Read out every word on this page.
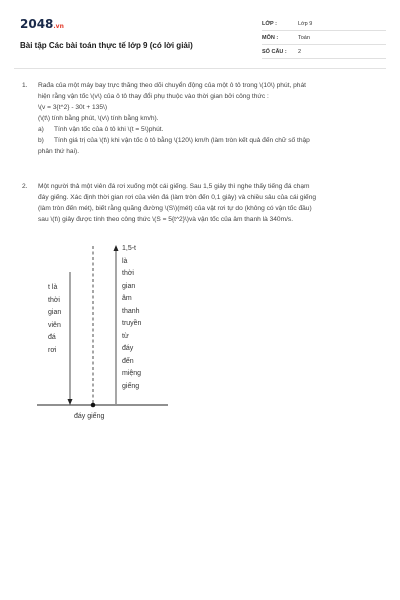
2048.vn
Bài tập Các bài toán thực tế lớp 9 (có lời giải)
LỚP :	Lớp 9
MÔN :	Toán
SỐ CÂU :	2
1. Rađa của một máy bay trực thăng theo dõi chuyển động của một ô tô trong \(10\) phút, phát

hiện rằng vận tốc \(v\) của ô tô thay đổi phụ thuộc vào thời gian bởi công thức :

\(v = 3{t^2} - 30t + 135\)

(\(t\) tính bằng phút, \(v\) tính bằng km/h).

a)	Tính vận tốc của ô tô khi \(t = 5\)phút.
b)	Tính giá trị của \(t\) khi vận tốc ô tô bằng \(120\) km/h (làm tròn kết quả đến chữ số thập
phân thứ hai).
2. Một người thả một viên đá rơi xuống một cái giếng. Sau 1,5 giây thì nghe thấy tiếng đá chạm

đáy giếng. Xác định thời gian rơi của viên đá (làm tròn đến 0,1 giây) và chiều sâu của cái giếng

(làm tròn đến mét), biết rằng quãng đường \(S\)(mét) của vật rơi tự do (không có vận tốc đầu)

sau \(t\) giây được tính theo công thức \(S = 5{t^2}\)và vận tốc của âm thanh là 340m/s.

t là
thời
gian
viên
đá
rơi
1,5-t
là
thời
gian
âm
thanh
truyền
từ
đáy
đến
miệng
giếng
đáy giếng
